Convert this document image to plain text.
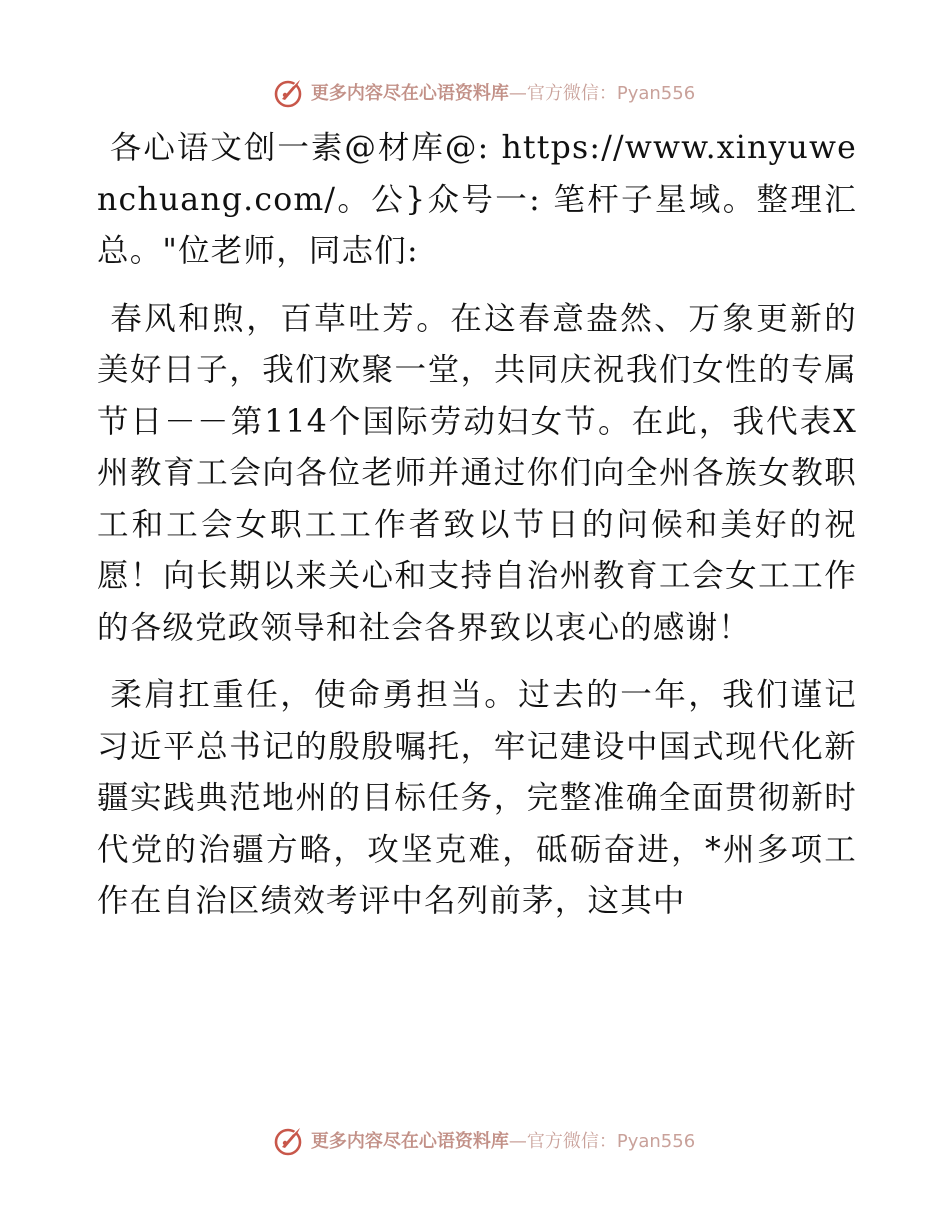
更多内容尽在心语资料库—官方微信：Pyan556

各心语文创一素@材库@: https://www.xinyuwenchuang.com/。公}众号一: 笔杆子星域。整理汇总。"位老师，同志们:

春风和煦，百草吐芳。在这春意盎然、万象更新的美好日子，我们欢聚一堂，共同庆祝我们女性的专属节日－－第114个国际劳动妇女节。在此，我代表X州教育工会向各位老师并通过你们向全州各族女教职工和工会女职工工作者致以节日的问候和美好的祝愿！向长期以来关心和支持自治州教育工会女工工作的各级党政领导和社会各界致以衷心的感谢！

柔肩扛重任，使命勇担当。过去的一年，我们谨记习近平总书记的殷殷嘱托，牢记建设中国式现代化新疆实践典范地州的目标任务，完整准确全面贯彻新时代党的治疆方略，攻坚克难，砥砺奋进，*州多项工作在自治区绩效考评中名列前茅，这其中

更多内容尽在心语资料库—官方微信：Pyan556
